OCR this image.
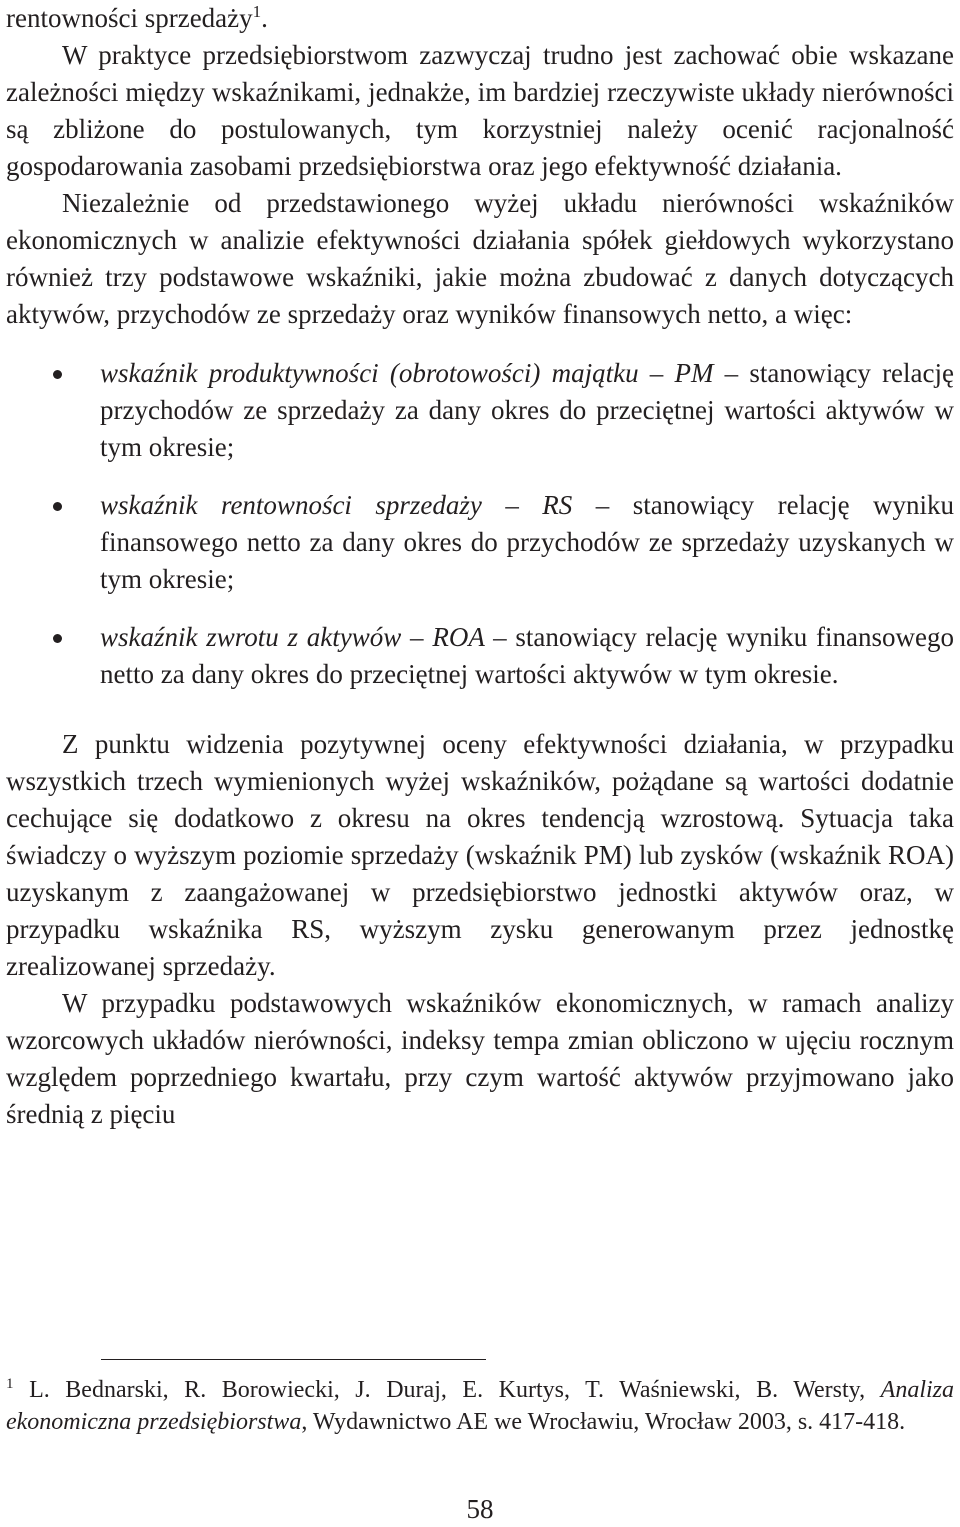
rentowności sprzedaży$^1$.

W praktyce przedsiębiorstwom zazwyczaj trudno jest zachować obie wskazane zależności między wskaźnikami, jednakże, im bardziej rzeczywiste układy nierówności są zbliżone do postulowanych, tym korzystniej należy ocenić racjonalność gospodarowania zasobami przedsiębiorstwa oraz jego efektywność działania.

Niezależnie od przedstawionego wyżej układu nierówności wskaźników ekonomicznych w analizie efektywności działania spółek giełdowych wykorzystano również trzy podstawowe wskaźniki, jakie można zbudować z danych dotyczących aktywów, przychodów ze sprzedaży oraz wyników finansowych netto, a więc:

wskaźnik produktywności (obrotowości) majątku – PM – stanowiący relację przychodów ze sprzedaży za dany okres do przeciętnej wartości aktywów w tym okresie;
wskaźnik rentowności sprzedaży – RS – stanowiący relację wyniku finansowego netto za dany okres do przychodów ze sprzedaży uzyskanych w tym okresie;
wskaźnik zwrotu z aktywów – ROA – stanowiący relację wyniku finansowego netto za dany okres do przeciętnej wartości aktywów w tym okresie.

Z punktu widzenia pozytywnej oceny efektywności działania, w przypadku wszystkich trzech wymienionych wyżej wskaźników, pożądane są wartości dodatnie cechujące się dodatkowo z okresu na okres tendencją wzrostową. Sytuacja taka świadczy o wyższym poziomie sprzedaży (wskaźnik PM) lub zysków (wskaźnik ROA) uzyskanym z zaangażowanej w przedsiębiorstwo jednostki aktywów oraz, w przypadku wskaźnika RS, wyższym zysku generowanym przez jednostkę zrealizowanej sprzedaży.

W przypadku podstawowych wskaźników ekonomicznych, w ramach analizy wzorcowych układów nierówności, indeksy tempa zmian obliczono w ujęciu rocznym względem poprzedniego kwartału, przy czym wartość aktywów przyjmowano jako średnią z pięciu

$^1$ L. Bednarski, R. Borowiecki, J. Duraj, E. Kurtys, T. Waśniewski, B. Wersty, Analiza ekonomiczna przedsiębiorstwa, Wydawnictwo AE we Wrocławiu, Wrocław 2003, s. 417-418.

58
